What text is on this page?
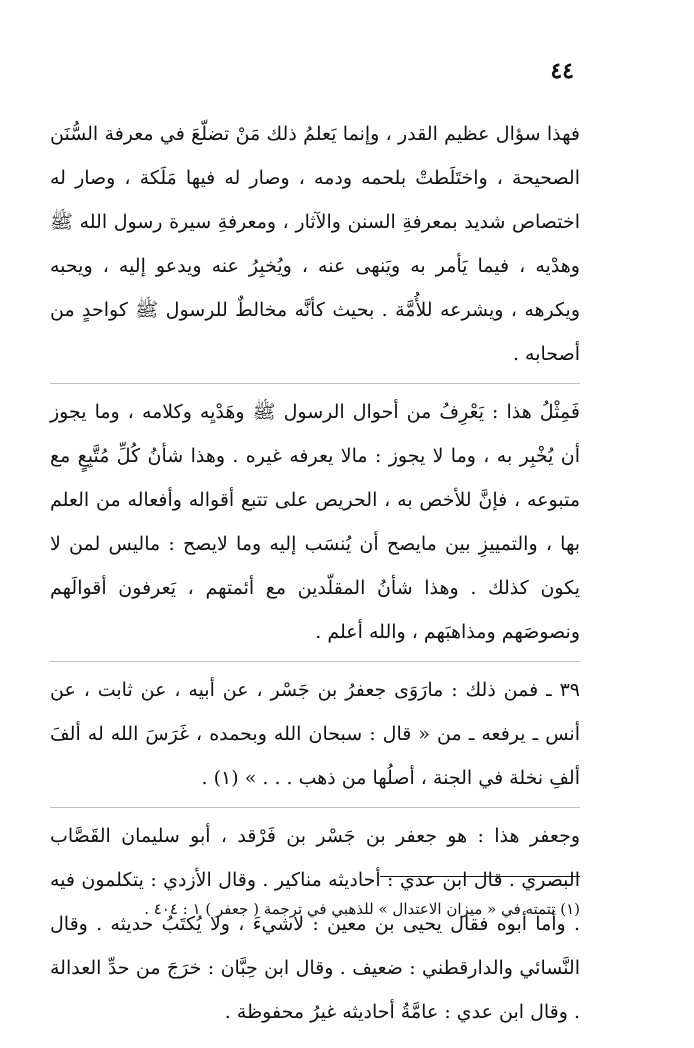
٤٤

فهذا سؤال عظيم القدر ، وإنما يَعلمُ ذلك مَنْ تضلّعَ في معرفة السُّنَن الصحيحة ، واختَلَطتْ بلحمه ودمه ، وصار له فيها مَلَكة ، وصار له اختصاص شديد بمعرفةِ السنن والآثار ، ومعرفةِ سيرة رسول الله ﷺ وهدْيه ، فيما يَأمر به ويَنهى عنه ، ويُخبِرُ عنه ويدعو إليه ، ويحبه ويكرهه ، ويشرعه للأُمَّة . بحيث كأنَّه مخالطٌ للرسول ﷺ كواحدٍ من أصحابه .

فَمِثْلُ هذا : يَعْرِفُ من أحوال الرسول ﷺ وهَدْيِه وكلامه ، وما يجوز أن يُخْبِر به ، وما لا يجوز : مالا يعرفه غيره . وهذا شأنُ كُلِّ مُتَّبِعٍ مع متبوعه ، فإنَّ للأخص به ، الحريص على تتبع أقواله وأفعاله من العلم بها ، والتمييزِ بين مايصح أن يُنسَب إليه وما لايصح : ماليس لمن لا يكون كذلك . وهذا شأنُ المقلّدين مع أئمتهم ، يَعرفون أقوالَهم ونصوصَهم ومذاهبَهم ، والله أعلم .

٣٩ ـ فمن ذلك : مارَوَى جعفرُ بن جَسْر ، عن أبيه ، عن ثابت ، عن أنس ـ يرفعه ـ من « قال : سبحان الله وبحمده ، غَرَسَ الله له ألفَ ألفِ نخلة في الجنة ، أصلُها من ذهب . . . » (١) .

وجعفر هذا : هو جعفر بن جَسْر بن فَرْقد ، أبو سليمان القَصَّاب البصري . قال ابن عدي : أحاديثه مناكير . وقال الأزدي : يتكلمون فيه . وأما أبوه فقال يحيى بن معين : لاشيءَ ، ولا يُكتَبُ حديثه . وقال النَّسائي والدارقطني : ضعيف . وقال ابن حِبَّان : خرَجَ من حدِّ العدالة . وقال ابن عدي : عامَّةُ أحاديثه غيرُ محفوظة .

(١) تتمته في « ميزان الاعتدال » للذهبي في ترجمة ( جعفر ) ١ : ٤٠٤ .
